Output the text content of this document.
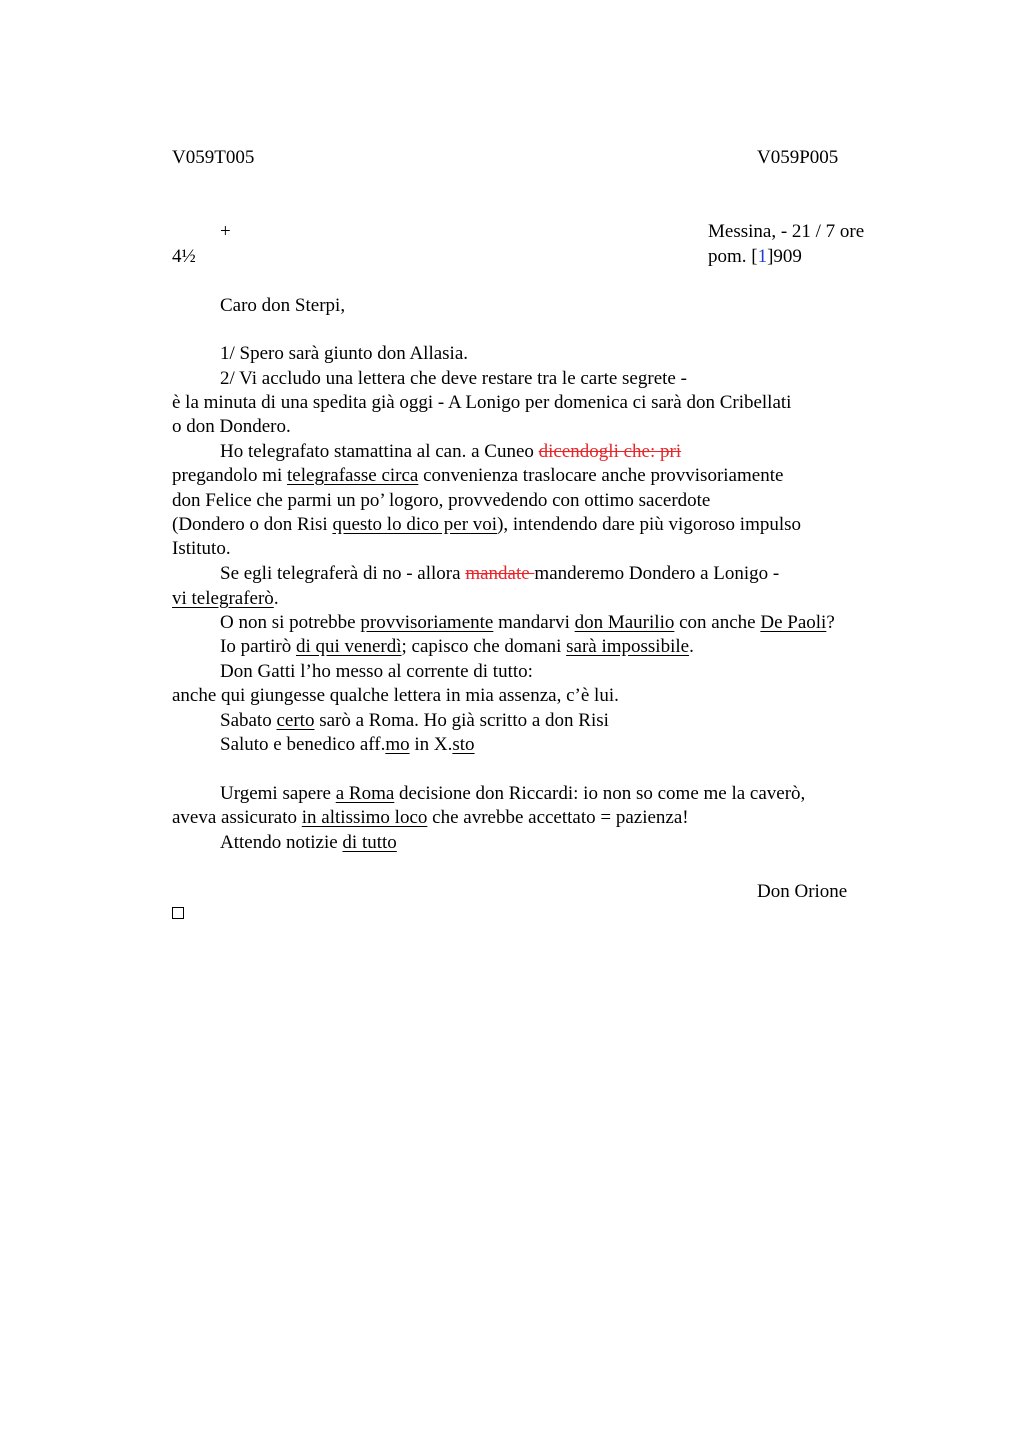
V059T005	V059P005
+
4½
Messina, - 21 / 7 ore
pom. [1]909
Caro don Sterpi,
1/ Spero sarà giunto don Allasia.
2/ Vi accludo una lettera che deve restare tra le carte segrete -
è la minuta di una spedita già oggi - A Lonigo per domenica ci sarà don Cribellati
o don Dondero.
Ho telegrafato stamattina al can. a Cuneo dicendogli che: pri
pregandolo mi telegrafasse circa convenienza traslocare anche provvisoriamente
don Felice che parmi un po’ logoro, provvedendo con ottimo sacerdote
(Dondero o don Risi questo lo dico per voi), intendendo dare più vigoroso impulso
Istituto.
Se egli telegraferà di no - allora mandate manderemo Dondero a Lonigo -
vi telegraferò.
O non si potrebbe provvisoriamente mandarvi don Maurilio con anche De Paoli?
Io partirò di qui venerdì; capisco che domani sarà impossibile.
Don Gatti l’ho messo al corrente di tutto:
anche qui giungesse qualche lettera in mia assenza, c’è lui.
Sabato certo sarò a Roma. Ho già scritto a don Risi
Saluto e benedico aff.mo in X.sto
Urgemi sapere a Roma decisione don Riccardi: io non so come me la caverò,
aveva assicurato in altissimo loco che avrebbe accettato = pazienza!
Attendo notizie di tutto
Don Orione
